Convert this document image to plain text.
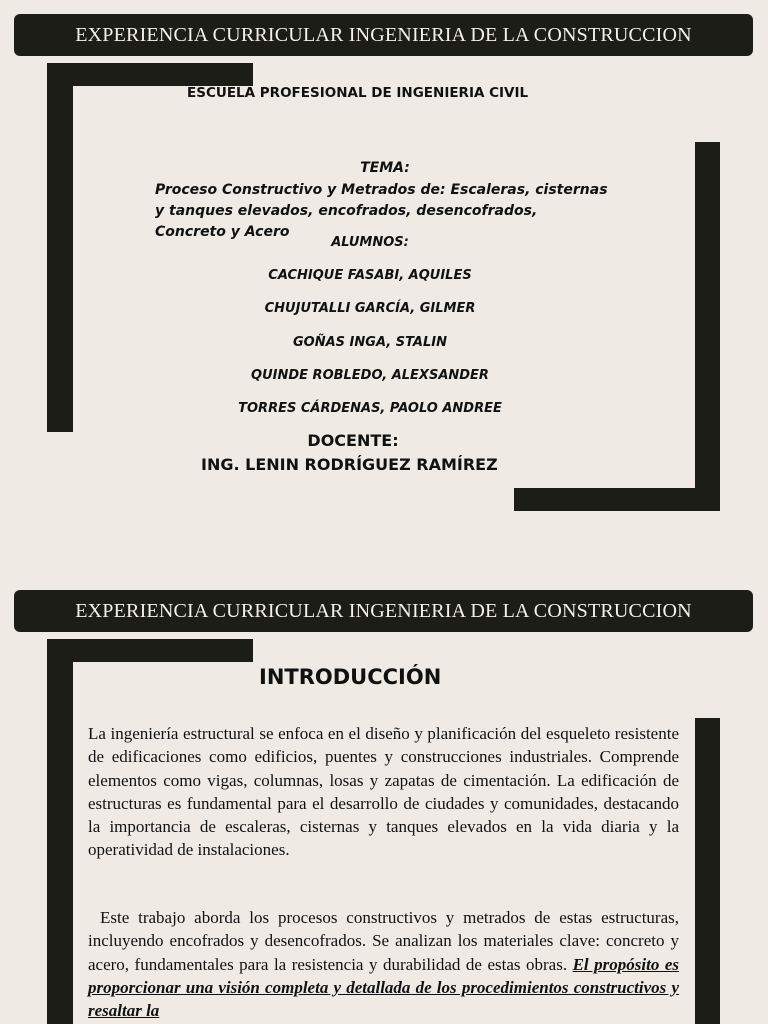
EXPERIENCIA CURRICULAR INGENIERIA DE LA CONSTRUCCION
ESCUELA PROFESIONAL DE INGENIERIA CIVIL
TEMA:
Proceso Constructivo y Metrados de: Escaleras, cisternas
y tanques elevados, encofrados, desencofrados,
Concreto y Acero
ALUMNOS:
CACHIQUE FASABI, AQUILES
CHUJUTALLI GARCÍA, GILMER
GOÑAS INGA, STALIN
QUINDE ROBLEDO, ALEXSANDER
TORRES CÁRDENAS, PAOLO ANDREE
DOCENTE:
ING. LENIN RODRÍGUEZ RAMÍREZ
EXPERIENCIA CURRICULAR INGENIERIA DE LA CONSTRUCCION
INTRODUCCIÓN
La ingeniería estructural se enfoca en el diseño y planificación del esqueleto resistente de edificaciones como edificios, puentes y construcciones industriales. Comprende elementos como vigas, columnas, losas y zapatas de cimentación. La edificación de estructuras es fundamental para el desarrollo de ciudades y comunidades, destacando la importancia de escaleras, cisternas y tanques elevados en la vida diaria y la operatividad de instalaciones.
Este trabajo aborda los procesos constructivos y metrados de estas estructuras, incluyendo encofrados y desencofrados. Se analizan los materiales clave: concreto y acero, fundamentales para la resistencia y durabilidad de estas obras. El propósito es proporcionar una visión completa y detallada de los procedimientos constructivos y resaltar la
